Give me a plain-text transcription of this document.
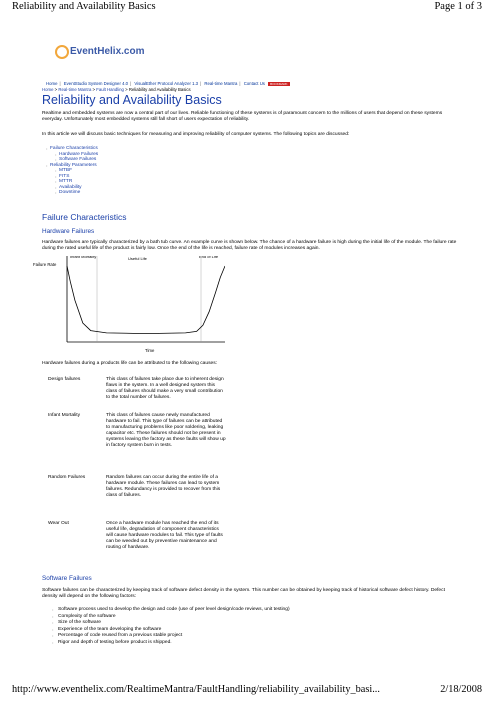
Reliability and Availability Basics	Page 1 of 3
EventHelix.com
Home | EventStudio System Designer 4.0 | VisualEther Protocol Analyzer 1.3 | Real-time Mantra | Contact Us BOOKMARK
Home > Real-time Mantra > Fault Handling > Reliability and Availability Basics
Reliability and Availability Basics
Realtime and embedded systems are now a central part of our lives. Reliable functioning of these systems is of paramount concern to the millions of users that depend on these systems everyday. Unfortunately most embedded systems still fall short of users expectation of reliability.
In this article we will discuss basic techniques for measuring and improving reliability of computer systems. The following topics are discussed:
• Failure Characteristics
• Hardware Failures
• Software Failures
• Reliability Parameters
• MTBF
• FITS
• MTTR
• Availability
• Downtime
Failure Characteristics
Hardware Failures
Hardware failures are typically characterized by a bath tub curve. An example curve is shown below. The chance of a hardware failure is high during the initial life of the module. The failure rate during the rated useful life of the product is fairly low. Once the end of the life is reached, failure rate of modules increases again.
Failure Rate
Infant Mortality	Useful Life	End of Life
Time
Hardware failures during a products life can be attributed to the following causes:
Design failures	This class of failures take place due to inherent design flaws in the system. In a well designed system this class of failures should make a very small contribution to the total number of failures.
Infant Mortality	This class of failures cause newly manufactured hardware to fail. This type of failures can be attributed to manufacturing problems like poor soldering, leaking capacitor etc. These failures should not be present in systems leaving the factory as these faults will show up in factory system burn in tests.
Random Failures	Random failures can occur during the entire life of a hardware module. These failures can lead to system failures. Redundancy is provided to recover from this class of failures.
Wear Out	Once a hardware module has reached the end of its useful life, degradation of component characteristics will cause hardware modules to fail. This type of faults can be weeded out by preventive maintenance and routing of hardware.
Software Failures
Software failures can be characterized by keeping track of software defect density in the system. This number can be obtained by keeping track of historical software defect history. Defect density will depend on the following factors:
• Software process used to develop the design and code (use of peer level design/code reviews, unit testing)
• Complexity of the software
• Size of the software
• Experience of the team developing the software
• Percentage of code reused from a previous stable project
• Rigor and depth of testing before product is shipped.
http://www.eventhelix.com/RealtimeMantra/FaultHandling/reliability_availability_basi...	2/18/2008
